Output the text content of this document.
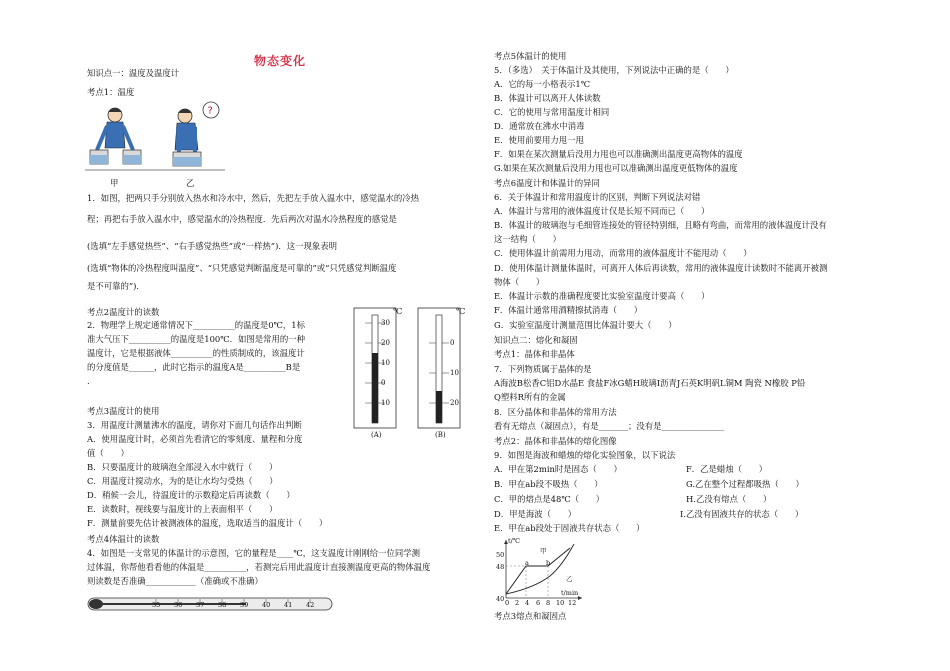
物态变化
知识点一：温度及温度计
考点1：温度
?
甲	乙
1．如图，把两只手分别放入热水和冷水中，然后，先把左手放入温水中，感觉温水的冷热
程；再把右手放入温水中，感觉温水的冷热程度．先后两次对温水冷热程度的感觉是
(选填“左手感觉热些”、“右手感觉热些”或“一样热”)．这一现象表明
(选填“物体的冷热程度叫温度”、“只凭感觉判断温度是可靠的”或“只凭感觉判断温度
是不可靠的”)．
考点2温度计的读数
2．物理学上规定通常情况下__________的温度是0℃，1标
准大气压下__________的温度是100℃．如图是常用的一种
温度计，它是根据液体__________的性质制成的，该温度计
的分度值是______，此时它指示的温度A是__________B是
.
℃	℃
30
20
10
0
10
0
10
20
(A)	(B)
考点3温度计的使用
3．用温度计测量沸水的温度，请你对下面几句话作出判断
A．使用温度计时，必须首先看清它的零刻度、量程和分度
值（　　）
B．只要温度计的玻璃泡全部浸入水中就行（　　）
C．用温度计搅动水，为的是让水均匀受热（　　）
D．稍候一会儿，待温度计的示数稳定后再读数（　　）
E．读数时，视线要与温度计的上表面相平（　　）
F．测量前要先估计被测液体的温度，选取适当的温度计（　　）
考点4体温计的读数
4．如图是一支常见的体温计的示意图，它的量程是____℃，这支温度计刚刚给一位同学测
过体温，你帮他看看他的体温是__________，若测完后用此温度计直接测温度更高的物体温度
则读数是否准确____________（准确或不准确）
35 36 37 38 39 40 41 42
考点5体温计的使用
5．（多选）　关于体温计及其使用，下列说法中正确的是（　　）
A．它的每一小格表示1℃
B．体温计可以离开人体读数
C．它的使用与常用温度计相同
D．通常放在沸水中消毒
E．使用前要用力甩一甩
F．如果在某次测量后没用力甩也可以准确测出温度更高物体的温度
G.如果在某次测量后没用力甩也可以准确测出温度更低物体的温度
考点6温度计和体温计的异同
6．关于体温计和常用温度计的区别，判断下列说法对错
A．体温计与常用的液体温度计仅是长短不同而已（　　）
B．体温计的玻璃泡与毛细管连接处的管径特别细，且略有弯曲，而常用的液体温度计没有
这一结构（　　）
C．使用体温计前需用力甩动，而常用的液体温度计不能甩动（　　）
D．使用体温计测量体温时，可离开人体后再读数，常用的液体温度计读数时不能离开被测
物体（　　）
E．体温计示数的准确程度要比实验室温度计要高（　　）
F．体温计通常用酒精擦拭消毒（　　）
G．实验室温度计测量范围比体温计要大（　　）
知识点二：熔化和凝固
考点1：晶体和非晶体
7．下列物质属于晶体的是
A海波B松香C铝D水晶E 食盐F冰G蜡H玻璃I沥青J石英K明矾L铜M 陶瓷 N橡胶 P铅
Q塑料R所有的金属
8．区分晶体和非晶体的常用方法
看有无熔点（凝固点），有是_______；没有是_______________
考点2：晶体和非晶体的熔化图像
9．如图是海波和蜡烛的熔化实验图象，以下说法
A．甲在第2min时是固态（　　）
B．甲在ab段不吸热（　　）
C．甲的熔点是48℃（　　）
D．甲是海波（　　）
E．甲在ab段处于固液共存状态（　　）
F．乙是蜡烛（　　）
G.乙在整个过程都吸热（　　）
H.乙没有熔点（　　）
I.乙没有固液共存的状态（　　）
t/℃
t/min
50
48
40 0 2 4 6 8 10 12
a	b
甲
乙
考点3熔点和凝固点
